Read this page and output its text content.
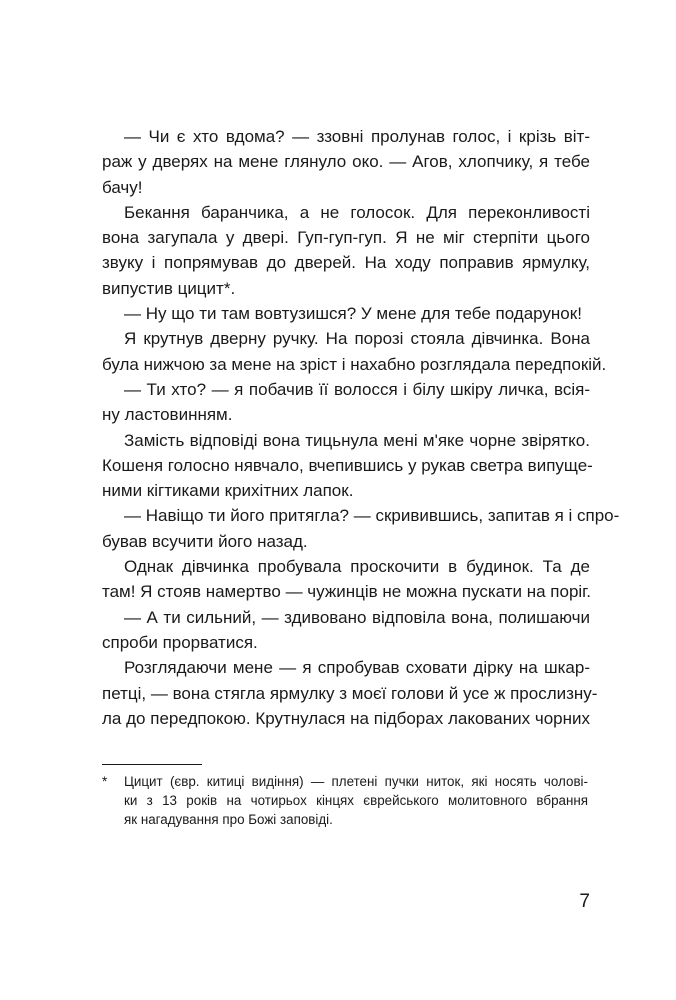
— Чи є хто вдома? — ззовні пролунав голос, і крізь віт-
раж у дверях на мене глянуло око. — Агов, хлопчику, я тебе
бачу!
Бекання баранчика, а не голосок. Для переконливості
вона загупала у двері. Гуп-гуп-гуп. Я не міг стерпіти цього
звуку і попрямував до дверей. На ходу поправив ярмулку,
випустив цицит*.
— Ну що ти там вовтузишся? У мене для тебе подарунок!
Я крутнув дверну ручку. На порозі стояла дівчинка. Вона
була нижчою за мене на зріст і нахабно розглядала передпокій.
— Ти хто? — я побачив її волосся і білу шкіру личка, всія-
ну ластовинням.
Замість відповіді вона тицьнула мені м'яке чорне звірятко.
Кошеня голосно нявчало, вчепившись у рукав светра випуще-
ними кігтиками крихітних лапок.
— Навіщо ти його притягла? — скривившись, запитав я і спро-
бував всучити його назад.
Однак дівчинка пробувала проскочити в будинок. Та де
там! Я стояв намертво — чужинців не можна пускати на поріг.
— А ти сильний, — здивовано відповіла вона, полишаючи
спроби прорватися.
Розглядаючи мене — я спробував сховати дірку на шкар-
петці, — вона стягла ярмулку з моєї голови й усе ж прослизну-
ла до передпокою. Крутнулася на підборах лакованих чорних
*	Цицит (євр. китиці видіння) — плетені пучки ниток, які носять чолові-
ки з 13 років на чотирьох кінцях єврейського молитовного вбрання
як нагадування про Божі заповіді.
7
